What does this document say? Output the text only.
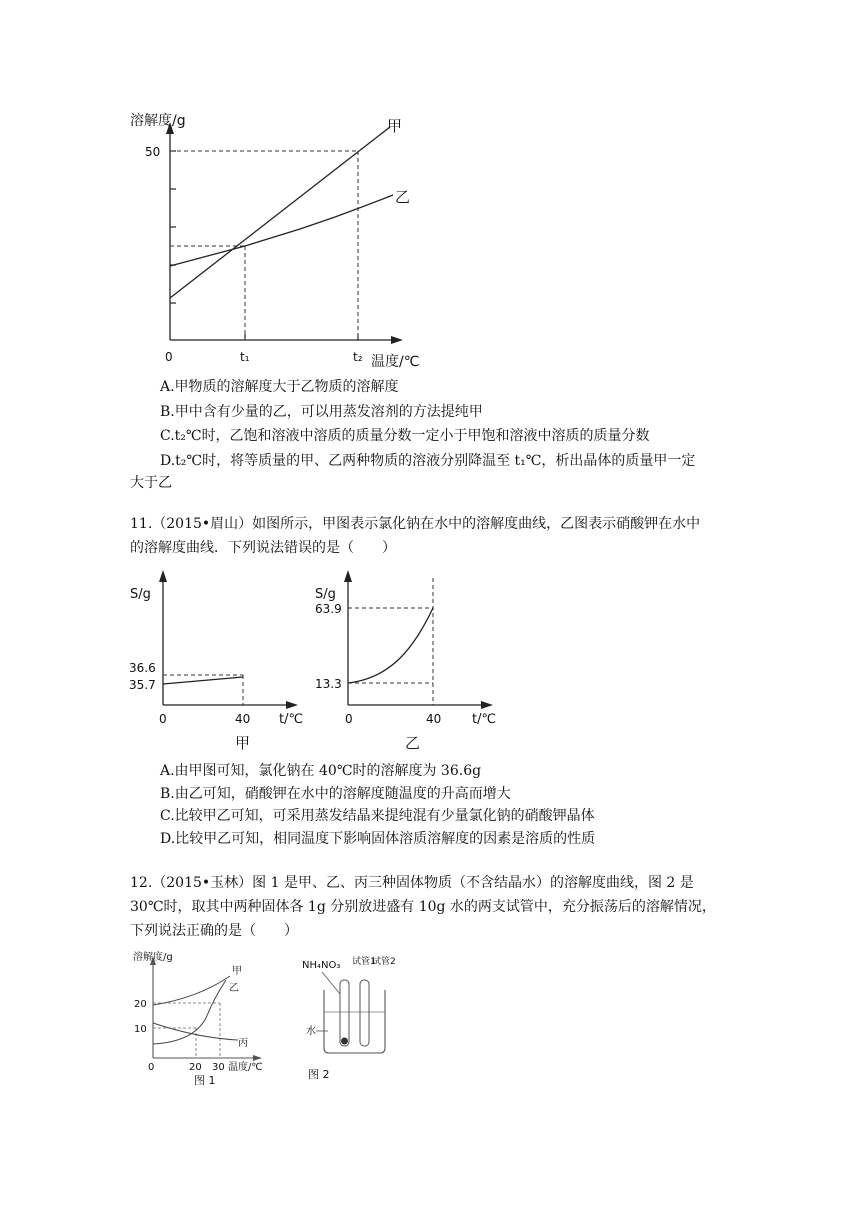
溶解度/g
50
0	t₁	t₂ 温度/℃
甲
乙
A.甲物质的溶解度大于乙物质的溶解度
B.甲中含有少量的乙，可以用蒸发溶剂的方法提纯甲
C.t₂℃时，乙饱和溶液中溶质的质量分数一定小于甲饱和溶液中溶质的质量分数
D.t₂℃时，将等质量的甲、乙两种物质的溶液分别降温至 t₁℃，析出晶体的质量甲一定
大于乙
11.（2015•眉山）如图所示，甲图表示氯化钠在水中的溶解度曲线，乙图表示硝酸钾在水中
的溶解度曲线．下列说法错误的是（　　）
S/g
36.6
35.7
0	40 t/℃
甲
S/g
63.9
13.3
0	40 t/℃
乙
A.由甲图可知，氯化钠在 40℃时的溶解度为 36.6g
B.由乙可知，硝酸钾在水中的溶解度随温度的升高而增大
C.比较甲乙可知，可采用蒸发结晶来提纯混有少量氯化钠的硝酸钾晶体
D.比较甲乙可知，相同温度下影响固体溶质溶解度的因素是溶质的性质
12.（2015•玉林）图 1 是甲、乙、丙三种固体物质（不含结晶水）的溶解度曲线，图 2 是
30℃时，取其中两种固体各 1g 分别放进盛有 10g 水的两支试管中，充分振荡后的溶解情况，
下列说法正确的是（　　）
溶解度/g
20
10
0	20 30 温度/℃
甲
乙
丙
图 1
NH₄NO₃ 试管1
试管2
水
图 2
